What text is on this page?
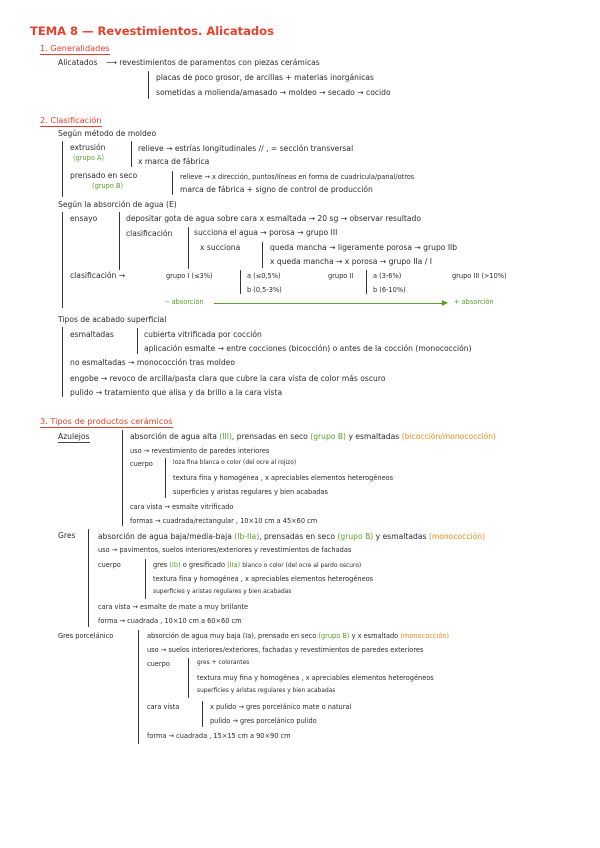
TEMA 8 — Revestimientos. Alicatados
1. Generalidades
Alicatados ⟶ revestimientos de paramentos con piezas cerámicas
placas de poco grosor, de arcillas + materias inorgánicas
sometidas a molienda/amasado → moldeo → secado → cocido
2. Clasificación
Según método de moldeo
extrusión
(grupo A)
relieve → estrías longitudinales // , = sección transversal
x marca de fábrica
prensado en seco
(grupo B)
relieve → x dirección, puntos/líneas en forma de cuadrícula/panal/otros
marca de fábrica + signo de control de producción
Según la absorción de agua (E)
ensayo	depositar gota de agua sobre cara x esmaltada → 20 sg → observar resultado
clasificación	succiona el agua → porosa → grupo III
x succiona	queda mancha → ligeramente porosa → grupo IIb
x queda mancha → x porosa → grupo IIa / I
clasificación →	grupo I (≤3%)	a (≤0,5%)
b (0,5-3%)
grupo II	a (3-6%)
b (6-10%)
grupo III (>10%)
− absorción	+ absorción
Tipos de acabado superficial
esmaltadas	cubierta vitrificada por cocción
aplicación esmalte → entre cocciones (bicocción) o antes de la cocción (monococción)
no esmaltadas → monococción tras moldeo
engobe → revoco de arcilla/pasta clara que cubre la cara vista de color más oscuro
pulido → tratamiento que alisa y da brillo a la cara vista
3. Tipos de productos cerámicos
Azulejos	absorción de agua alta (III), prensadas en seco (grupo B) y esmaltadas (bicocción/monococción)
uso → revestimiento de paredes interiores
cuerpo	loza fina blanca o color (del ocre al rojizo)
textura fina y homogénea , x apreciables elementos heterogéneos
superficies y aristas regulares y bien acabadas
cara vista → esmalte vitrificado
formas → cuadrada/rectangular , 10×10 cm a 45×60 cm
Gres	absorción de agua baja/media-baja (Ib-IIa), prensadas en seco (grupo B) y esmaltadas (monococción)
uso → pavimentos, suelos interiores/exteriores y revestimientos de fachadas
cuerpo	gres (Ib) o gresificado (IIa) blanco o color (del ocre al pardo oscuro)
textura fina y homogénea , x apreciables elementos heterogéneos
superficies y aristas regulares y bien acabadas
cara vista → esmalte de mate a muy brillante
forma → cuadrada , 10×10 cm a 60×60 cm
Gres porcelánico	absorción de agua muy baja (Ia), prensado en seco (grupo B) y x esmaltado (monococción)
uso → suelos interiores/exteriores, fachadas y revestimientos de paredes exteriores
cuerpo	gres + colorantes
textura muy fina y homogénea , x apreciables elementos heterogéneos
superficies y aristas regulares y bien acabadas
cara vista	x pulido → gres porcelánico mate o natural
pulido → gres porcelánico pulido
forma → cuadrada , 15×15 cm a 90×90 cm
